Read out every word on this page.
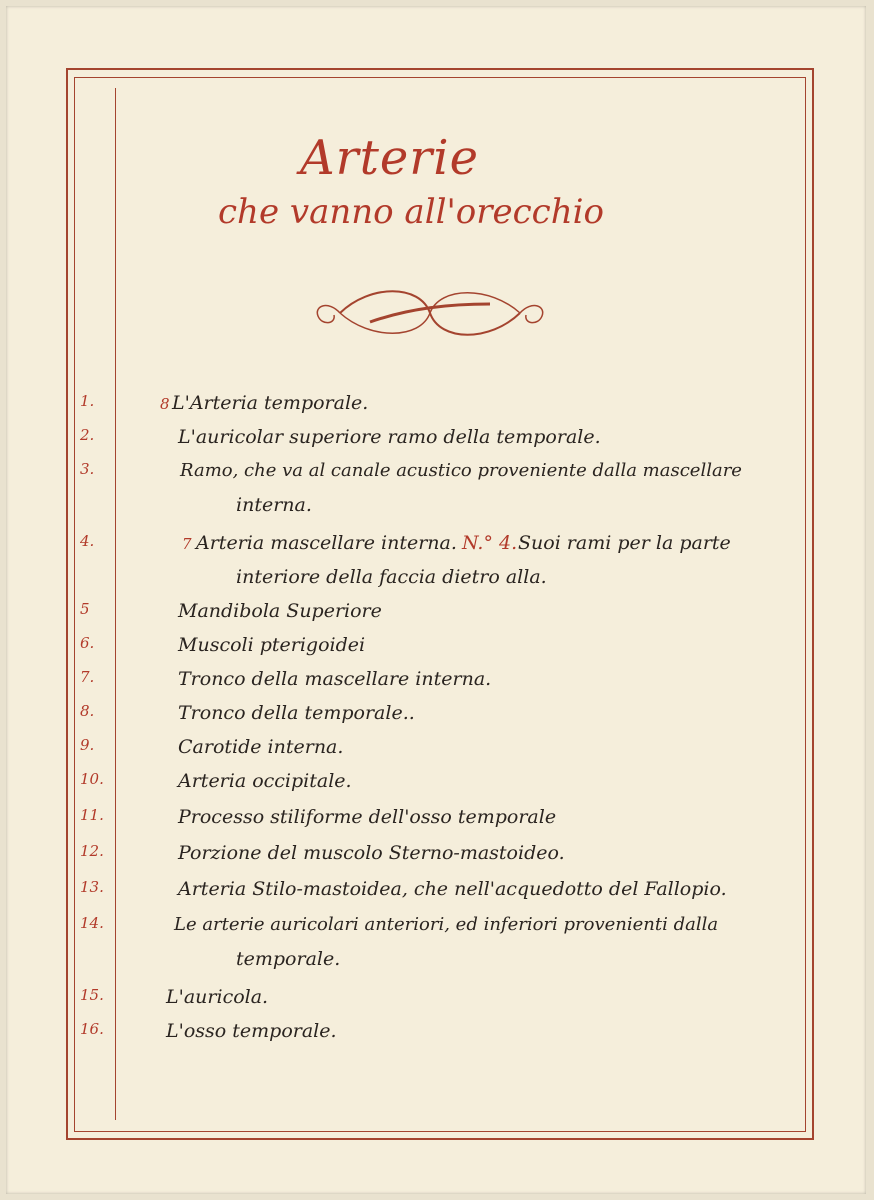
Arterie
che vanno all'orecchio
1.	8 L'Arteria temporale.
2.	L'auricolar superiore ramo della temporale.
3.	Ramo, che va al canale acustico proveniente dalla mascellare
interna.
4.	7 Arteria mascellare interna. N.° 4. Suoi rami per la parte
interiore della faccia dietro alla.
5	Mandibola Superiore
6.	Muscoli pterigoidei
7.	Tronco della mascellare interna.
8.	Tronco della temporale..
9.	Carotide interna.
10.	Arteria occipitale.
11.	Processo stiliforme dell'osso temporale
12.	Porzione del muscolo Sterno-mastoideo.
13.	Arteria Stilo-mastoidea, che nell'acquedotto del Fallopio.
14.	Le arterie auricolari anteriori, ed inferiori provenienti dalla
temporale.
15.	L'auricola.
16.	L'osso temporale.
